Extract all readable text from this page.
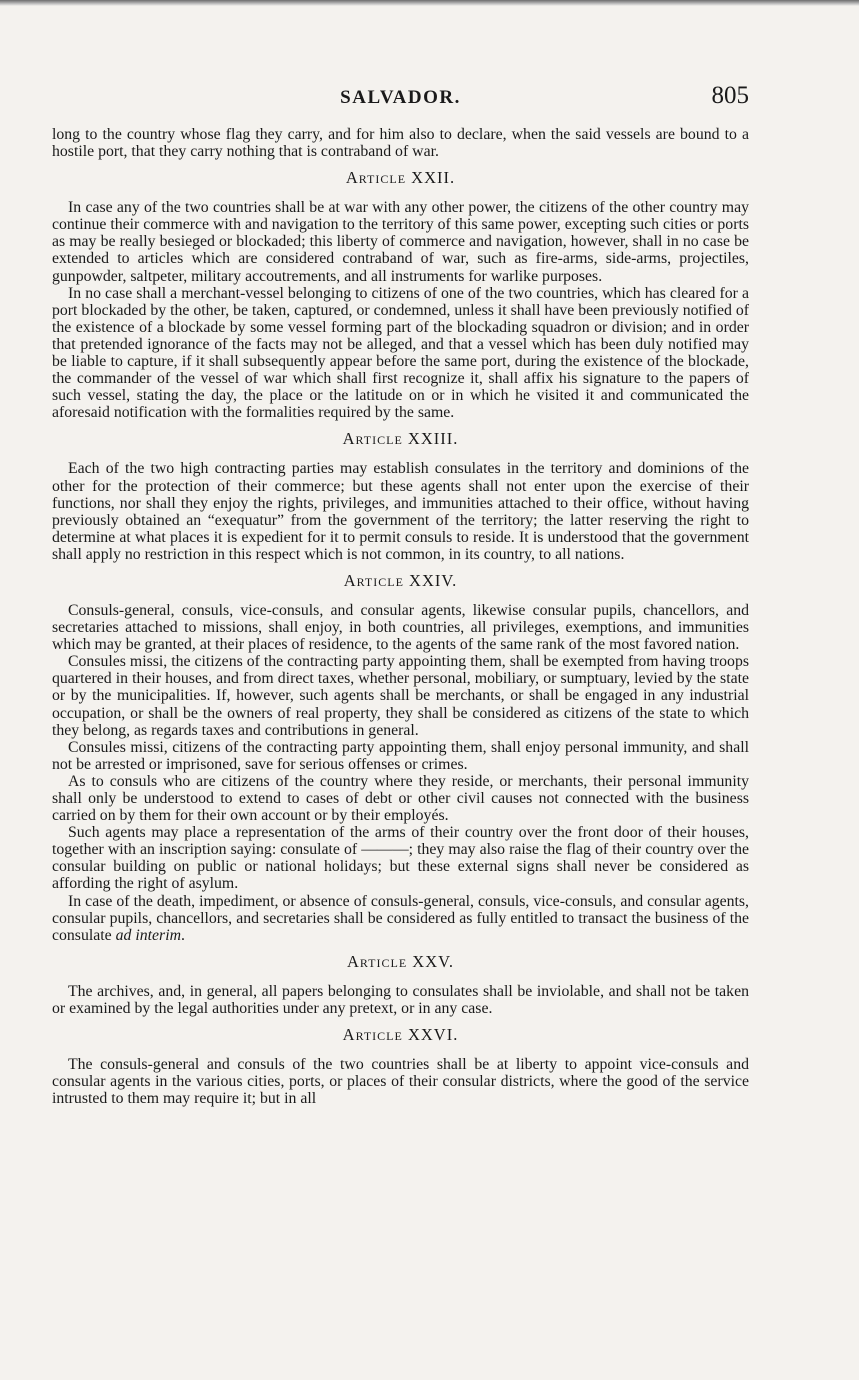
SALVADOR.	805

long to the country whose flag they carry, and for him also to declare, when the said vessels are bound to a hostile port, that they carry nothing that is contraband of war.

Article XXII.

In case any of the two countries shall be at war with any other power, the citizens of the other country may continue their commerce with and navigation to the territory of this same power, excepting such cities or ports as may be really besieged or blockaded; this liberty of commerce and navigation, however, shall in no case be extended to articles which are considered contraband of war, such as fire-arms, side-arms, projectiles, gunpowder, saltpeter, military accoutrements, and all instruments for warlike purposes.

In no case shall a merchant-vessel belonging to citizens of one of the two countries, which has cleared for a port blockaded by the other, be taken, captured, or condemned, unless it shall have been previously notified of the existence of a blockade by some vessel forming part of the blockading squadron or division; and in order that pretended ignorance of the facts may not be alleged, and that a vessel which has been duly notified may be liable to capture, if it shall subsequently appear before the same port, during the existence of the blockade, the commander of the vessel of war which shall first recognize it, shall affix his signature to the papers of such vessel, stating the day, the place or the latitude on or in which he visited it and communicated the aforesaid notification with the formalities required by the same.

Article XXIII.

Each of the two high contracting parties may establish consulates in the territory and dominions of the other for the protection of their commerce; but these agents shall not enter upon the exercise of their functions, nor shall they enjoy the rights, privileges, and immunities attached to their office, without having previously obtained an “exequatur” from the government of the territory; the latter reserving the right to determine at what places it is expedient for it to permit consuls to reside. It is understood that the government shall apply no restriction in this respect which is not common, in its country, to all nations.

Article XXIV.

Consuls-general, consuls, vice-consuls, and consular agents, likewise consular pupils, chancellors, and secretaries attached to missions, shall enjoy, in both countries, all privileges, exemptions, and immunities which may be granted, at their places of residence, to the agents of the same rank of the most favored nation.

Consules missi, the citizens of the contracting party appointing them, shall be exempted from having troops quartered in their houses, and from direct taxes, whether personal, mobiliary, or sumptuary, levied by the state or by the municipalities. If, however, such agents shall be merchants, or shall be engaged in any industrial occupation, or shall be the owners of real property, they shall be considered as citizens of the state to which they belong, as regards taxes and contributions in general.

Consules missi, citizens of the contracting party appointing them, shall enjoy personal immunity, and shall not be arrested or imprisoned, save for serious offenses or crimes.

As to consuls who are citizens of the country where they reside, or merchants, their personal immunity shall only be understood to extend to cases of debt or other civil causes not connected with the business carried on by them for their own account or by their employés.

Such agents may place a representation of the arms of their country over the front door of their houses, together with an inscription saying: consulate of ———; they may also raise the flag of their country over the consular building on public or national holidays; but these external signs shall never be considered as affording the right of asylum.

In case of the death, impediment, or absence of consuls-general, consuls, vice-consuls, and consular agents, consular pupils, chancellors, and secretaries shall be considered as fully entitled to transact the business of the consulate ad interim.

Article XXV.

The archives, and, in general, all papers belonging to consulates shall be inviolable, and shall not be taken or examined by the legal authorities under any pretext, or in any case.

Article XXVI.

The consuls-general and consuls of the two countries shall be at liberty to appoint vice-consuls and consular agents in the various cities, ports, or places of their consular districts, where the good of the service intrusted to them may require it; but in all
